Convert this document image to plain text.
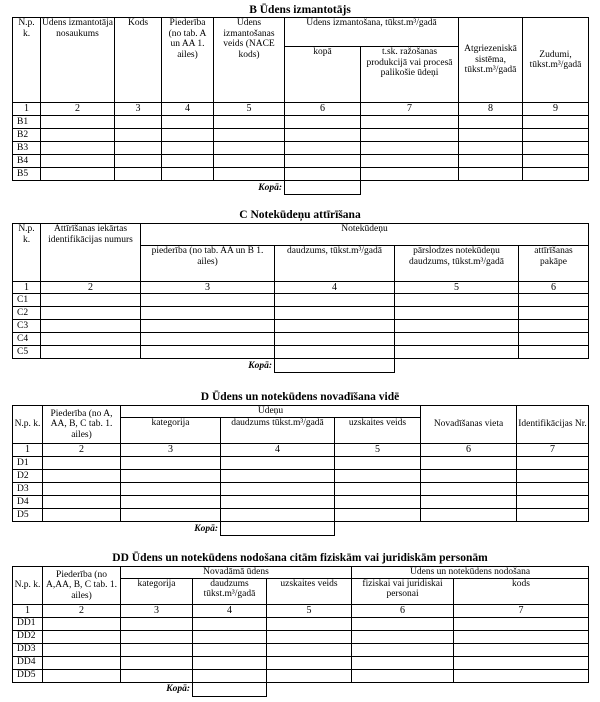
B Ūdens izmantotājs
N.p. k.	Ūdens izmantotāja nosaukums	Kods	Piederība (no tab. A un AA 1. ailes)	Ūdens izmantošanas veids (NACE kods)	Ūdens izmantošana, tūkst.m³/gadā		Atgriezeniskā sistēma, tūkst.m³/gadā	Zudumi, tūkst.m³/gadā
					kopā	t.sk. ražošanas produkcijā vai procesā palikošie ūdeņi		
1	2	3	4	5	6	7	8	9
B1								
B2								
B3								
B4								
B5								
				Kopā:				
C Notekūdeņu attīrīšana
N.p. k.	Attīrīšanas iekārtas identifikācijas numurs	Notekūdeņu			
		piederība (no tab. AA un B 1. ailes)	daudzums, tūkst.m³/gadā	pārslodzes notekūdeņu daudzums, tūkst.m³/gadā	attīrīšanas pakāpe
1	2	3	4	5	6
C1					
C2					
C3					
C4					
C5					
		Kopā:			
D Ūdens un notekūdens novadīšana vidē
N.p. k.	Piederība (no A, AA, B, C tab. 1. ailes)	Ūdeņu			Novadīšanas vieta	Identifikācijas Nr.
		kategorija	daudzums tūkst.m³/gadā	uzskaites veids		
1	2	3	4	5	6	7
D1						
D2						
D3						
D4						
D5						
		Kopā:				
DD Ūdens un notekūdens nodošana citām fiziskām vai juridiskām personām
N.p. k.	Piederība (no A,AA, B, C tab. 1. ailes)	Novadāmā ūdens			Ūdens un notekūdens nodošana	
		kategorija	daudzums tūkst.m³/gadā	uzskaites veids	fiziskai vai juridiskai personai	kods
1	2	3	4	5	6	7
DD1						
DD2						
DD3						
DD4						
DD5						
		Kopā:				
